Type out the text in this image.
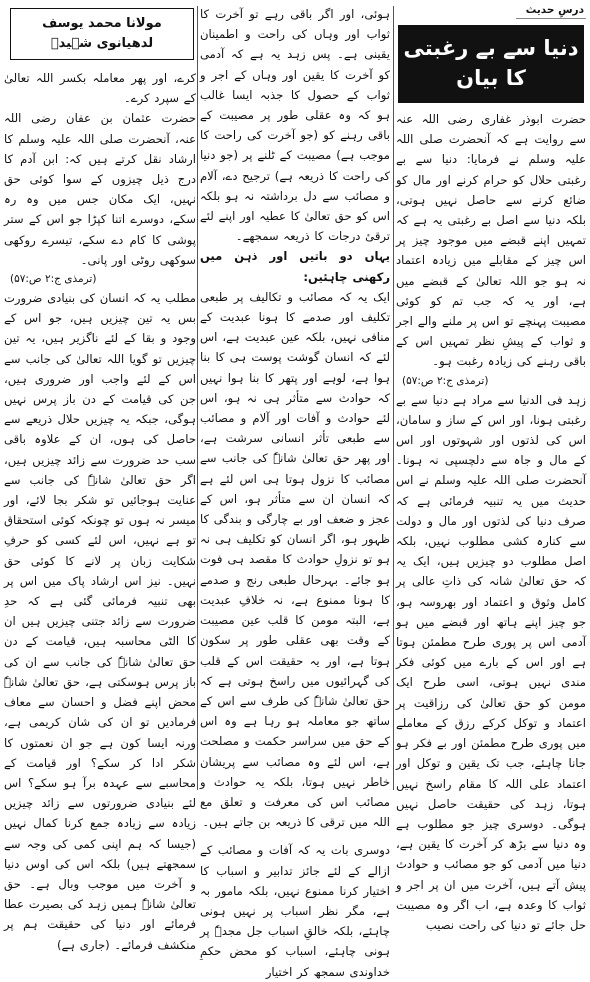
درسِ حدیث
دنیا سے بے رغبتی کا بیان
حضرت ابوذر غفاری رضی اللہ عنہ سے روایت ہے کہ آنحضرت صلی اللہ علیہ وسلم نے فرمایا: دنیا سے بے رغبتی حلال کو حرام کرنے اور مال کو ضائع کرنے سے حاصل نہیں ہوتی، بلکہ دنیا سے اصل بے رغبتی یہ ہے کہ تمہیں اپنے قبضے میں موجود چیز پر اس چیز کے مقابلے میں زیادہ اعتماد نہ ہو جو اللہ تعالیٰ کے قبضے میں ہے، اور یہ کہ جب تم کو کوئی مصیبت پہنچے تو اس پر ملنے والے اجر و ثواب کے پیشِ نظر تمہیں اس کے باقی رہنے کی زیادہ رغبت ہو۔
(ترمذی ج:۲ ص:۵۷)
زہد فی الدنیا سے مراد ہے دنیا سے بے رغبتی ہونا، اور اس کے ساز و سامان، اس کی لذتوں اور شہوتوں اور اس کے مال و جاہ سے دلچسپی نہ ہونا۔ آنحضرت صلی اللہ علیہ وسلم نے اس حدیث میں یہ تنبیہ فرمائی ہے کہ صرف دنیا کی لذتوں اور مال و دولت سے کنارہ کشی مطلوب نہیں، بلکہ اصل مطلوب دو چیزیں ہیں، ایک یہ کہ حق تعالیٰ شانہ کی ذاتِ عالی پر کامل وثوق و اعتماد اور بھروسہ ہو، جو چیز اپنے ہاتھ اور قبضے میں ہو آدمی اس پر پوری طرح مطمئن ہوتا ہے اور اس کے بارے میں کوئی فکر مندی نہیں ہوتی، اسی طرح ایک مومن کو حق تعالیٰ کی رزاقیت پر اعتماد و توکل کرکے رزق کے معاملے میں پوری طرح مطمئن اور بے فکر ہو جانا چاہئے، جب تک یقین و توکل اور اعتماد علی اللہ کا مقام راسخ نہیں ہوتا، زہد کی حقیقت حاصل نہیں ہوگی۔ دوسری چیز جو مطلوب ہے وہ دنیا سے بڑھ کر آخرت کا یقین ہے، دنیا میں آدمی کو جو مصائب و حوادث پیش آتے ہیں، آخرت میں ان پر اجر و ثواب کا وعدہ ہے، اب اگر وہ مصیبت حل جائے تو دنیا کی راحت نصیب
ہوئی، اور اگر باقی رہے تو آخرت کا ثواب اور وہاں کی راحت و اطمینان یقینی ہے۔ پس زہد یہ ہے کہ آدمی کو آخرت کا یقین اور وہاں کے اجر و ثواب کے حصول کا جذبہ ایسا غالب ہو کہ وہ عقلی طور پر مصیبت کے باقی رہنے کو (جو آخرت کی راحت کا موجب ہے) مصیبت کے ٹلنے پر (جو دنیا کی راحت کا ذریعہ ہے) ترجیح دے، آلام و مصائب سے دل برداشتہ نہ ہو بلکہ اس کو حق تعالیٰ کا عطیہ اور اپنے لئے ترقیٔ درجات کا ذریعہ سمجھے۔
یہاں دو باتیں اور ذہن میں رکھنی چاہئیں:
ایک یہ کہ مصائب و تکالیف پر طبعی تکلیف اور صدمے کا ہونا عبدیت کے منافی نہیں، بلکہ عین عبدیت ہے، اس لئے کہ انسان گوشت پوست ہی کا بنا ہوا ہے، لوہے اور پتھر کا بنا ہوا نہیں کہ حوادث سے متأثر ہی نہ ہو، اس لئے حوادث و آفات اور آلام و مصائب سے طبعی تأثر انسانی سرشت ہے، اور پھر حق تعالیٰ شانہٗ کی جانب سے مصائب کا نزول ہوتا ہی اس لئے ہے کہ انسان ان سے متأثر ہو، اس کے عجز و ضعف اور بے چارگی و بندگی کا ظہور ہو، اگر انسان کو تکلیف ہی نہ ہو تو نزولِ حوادث کا مقصد ہی فوت ہو جائے۔ بہرحال طبعی رنج و صدمے کا ہونا ممنوع ہے، نہ خلافِ عبدیت ہے، البتہ مومن کا قلب عین مصیبت کے وقت بھی عقلی طور پر سکون ہوتا ہے، اور یہ حقیقت اس کے قلب کی گہرائیوں میں راسخ ہوتی ہے کہ حق تعالیٰ شانہٗ کی طرف سے اس کے ساتھ جو معاملہ ہو رہا ہے وہ اس کے حق میں سراسر حکمت و مصلحت ہے، اس لئے وہ مصائب سے پریشان خاطر نہیں ہوتا، بلکہ یہ حوادث و مصائب اس کی معرفت و تعلق مع اللہ میں ترقی کا ذریعہ بن جاتے ہیں۔
دوسری بات یہ کہ آفات و مصائب کے ازالے کے لئے جائز تدابیر و اسباب کا اختیار کرنا ممنوع نہیں، بلکہ مامور بہ ہے، مگر نظر اسباب پر نہیں ہونی چاہئے، بلکہ خالقِ اسباب جل مجدہٗ پر ہونی چاہئے، اسباب کو محض حکمِ خداوندی سمجھ کر اختیار
مولانا محمد یوسف لدھیانوی شہیدؒ
کرے، اور پھر معاملہ بکسر اللہ تعالیٰ کے سپرد کرے۔
حضرت عثمان بن عفان رضی اللہ عنہ، آنحضرت صلی اللہ علیہ وسلم کا ارشاد نقل کرتے ہیں کہ: ابن آدم کا درج ذیل چیزوں کے سوا کوئی حق نہیں، ایک مکان جس میں وہ رہ سکے، دوسرے اتنا کپڑا جو اس کے ستر پوشی کا کام دے سکے، تیسرے روکھی سوکھی روٹی اور پانی۔
(ترمذی ج:۲ ص:۵۷)
مطلب یہ کہ انسان کی بنیادی ضرورت بس یہ تین چیزیں ہیں، جو اس کے وجود و بقا کے لئے ناگزیر ہیں، یہ تین چیزیں تو گویا اللہ تعالیٰ کی جانب سے اس کے لئے واجب اور ضروری ہیں، جن کی قیامت کے دن باز پرس نہیں ہوگی، جبکہ یہ چیزیں حلال ذریعے سے حاصل کی ہوں، ان کے علاوہ باقی سب حد ضرورت سے زائد چیزیں ہیں، اگر حق تعالیٰ شانہٗ کی جانب سے عنایت ہوجائیں تو شکر بجا لائے، اور میسر نہ ہوں تو چونکہ کوئی استحقاق تو ہے نہیں، اس لئے کسی کو حرفِ شکایت زبان پر لانے کا کوئی حق نہیں۔ نیز اس ارشاد پاک میں اس پر بھی تنبیہ فرمائی گئی ہے کہ حدِ ضرورت سے زائد جتنی چیزیں ہیں ان کا الٹی محاسبہ ہیں، قیامت کے دن حق تعالیٰ شانہٗ کی جانب سے ان کی باز پرس ہوسکتی ہے، حق تعالیٰ شانہٗ محض اپنے فضل و احسان سے معاف فرمادیں تو ان کی شان کریمی ہے، ورنہ ایسا کون ہے جو ان نعمتوں کا شکر ادا کر سکے؟ اور قیامت کے محاسبے سے عہدہ برآ ہو سکے؟ اس لئے بنیادی ضرورتوں سے زائد چیزیں زیادہ سے زیادہ جمع کرنا کمال نہیں (جیسا کہ ہم اپنی کمی کی وجہ سے سمجھتے ہیں) بلکہ اس کی اوس دنیا و آخرت میں موجب وبال ہے۔ حق تعالیٰ شانہٗ ہمیں زہد کی بصیرت عطا فرمائے اور دنیا کی حقیقت ہم پر منکشف فرمائے۔ (جاری ہے)
